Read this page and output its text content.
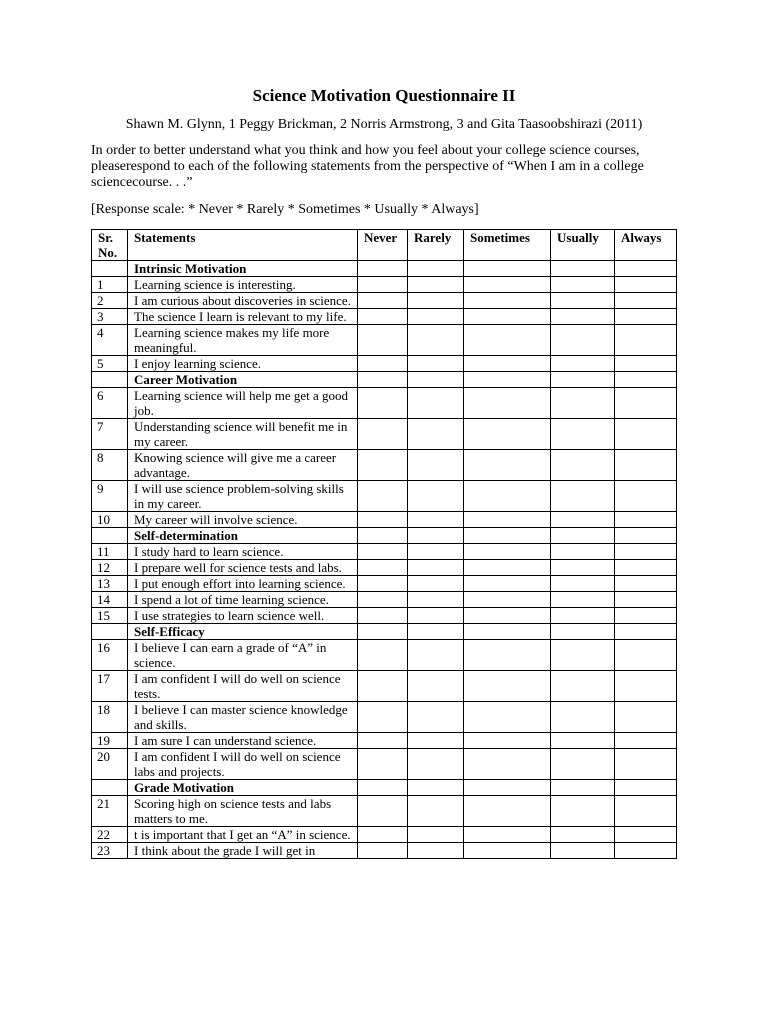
Science Motivation Questionnaire II
Shawn M. Glynn, 1 Peggy Brickman, 2 Norris Armstrong, 3 and Gita Taasoobshirazi (2011)
In order to better understand what you think and how you feel about your college science courses,
pleaserespond to each of the following statements from the perspective of “When I am in a college
sciencecourse. . .”
[Response scale: * Never * Rarely * Sometimes * Usually * Always]
Sr. No.	Statements	Never	Rarely	Sometimes	Usually	Always
	Intrinsic Motivation					
1	Learning science is interesting.					
2	I am curious about discoveries in science.					
3	The science I learn is relevant to my life.					
4	Learning science makes my life more meaningful.					
5	I enjoy learning science.					
	Career Motivation					
6	Learning science will help me get a good job.					
7	Understanding science will benefit me in my career.					
8	Knowing science will give me a career advantage.					
9	I will use science problem-solving skills in my career.					
10	My career will involve science.					
	Self-determination					
11	I study hard to learn science.					
12	I prepare well for science tests and labs.					
13	I put enough effort into learning science.					
14	I spend a lot of time learning science.					
15	I use strategies to learn science well.					
	Self-Efficacy					
16	I believe I can earn a grade of “A” in science.					
17	I am confident I will do well on science tests.					
18	I believe I can master science knowledge and skills.					
19	I am sure I can understand science.					
20	I am confident I will do well on science labs and projects.					
	Grade Motivation					
21	Scoring high on science tests and labs matters to me.					
22	t is important that I get an “A” in science.					
23	I think about the grade I will get in					
